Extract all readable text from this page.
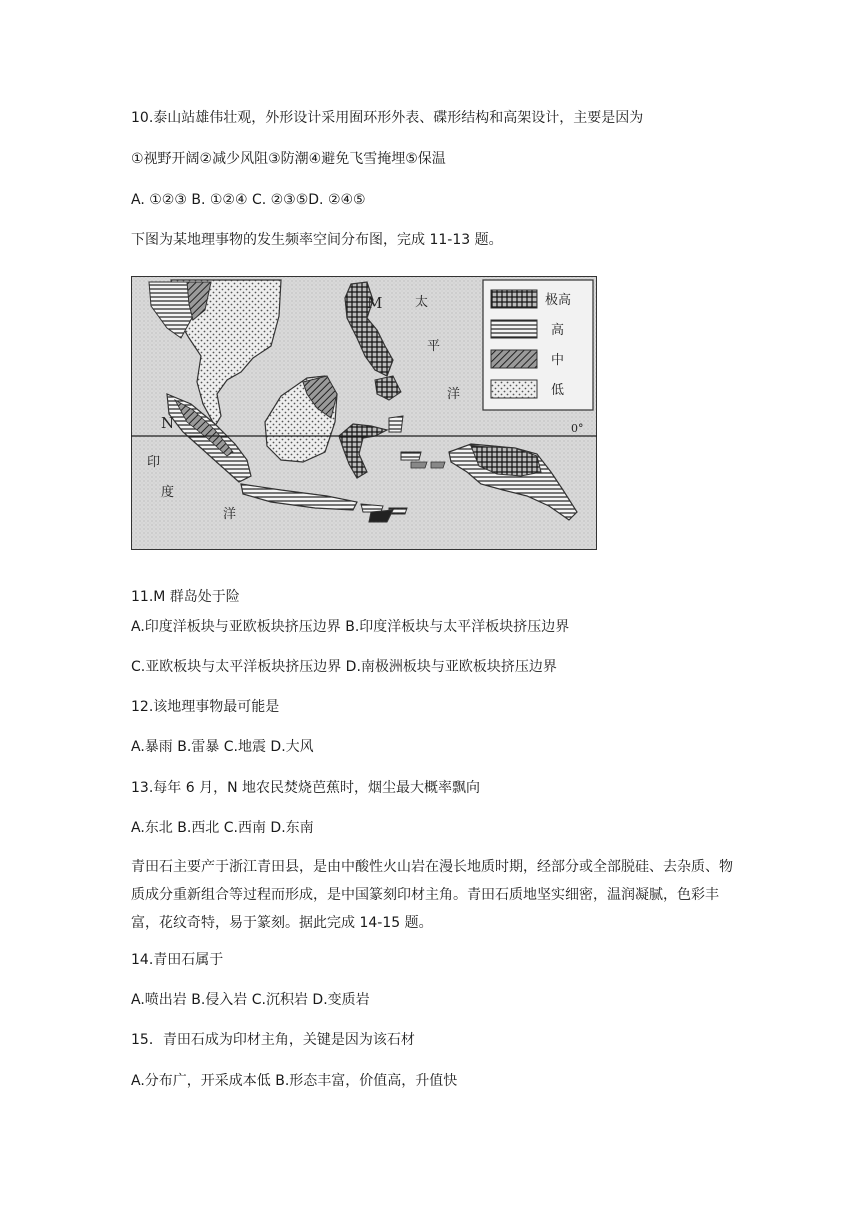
10.泰山站雄伟壮观，外形设计采用囿环形外表、碟形结构和高架设计，主要是因为
①视野开阔②减少风阻③防潮④避免飞雪掩埋⑤保温
A. ①②③ B. ①②④ C. ②③⑤D. ②④⑤
下图为某地理事物的发生频率空间分布图，完成 11-13 题。
极高
高
中
低
M
N
太
平
洋
印
度
洋
0°
11.M 群岛处于险
A.印度洋板块与亚欧板块挤压边界 B.印度洋板块与太平洋板块挤压边界
C.亚欧板块与太平洋板块挤压边界 D.南极洲板块与亚欧板块挤压边界
12.该地理事物最可能是
A.暴雨 B.雷暴 C.地震 D.大风
13.每年 6 月，N 地农民焚烧芭蕉时，烟尘最大概率飘向
A.东北 B.西北 C.西南 D.东南
青田石主要产于浙江青田县，是由中酸性火山岩在漫长地质时期，经部分或全部脱硅、去杂质、物质成分重新组合等过程而形成，是中国篆刻印材主角。青田石质地坚实细密，温润凝腻，色彩丰富，花纹奇特，易于篆刻。据此完成 14-15 题。
14.青田石属于
A.喷出岩 B.侵入岩 C.沉积岩 D.变质岩
15．青田石成为印材主角，关键是因为该石材
A.分布广，开采成本低 B.形态丰富，价值高，升值快
